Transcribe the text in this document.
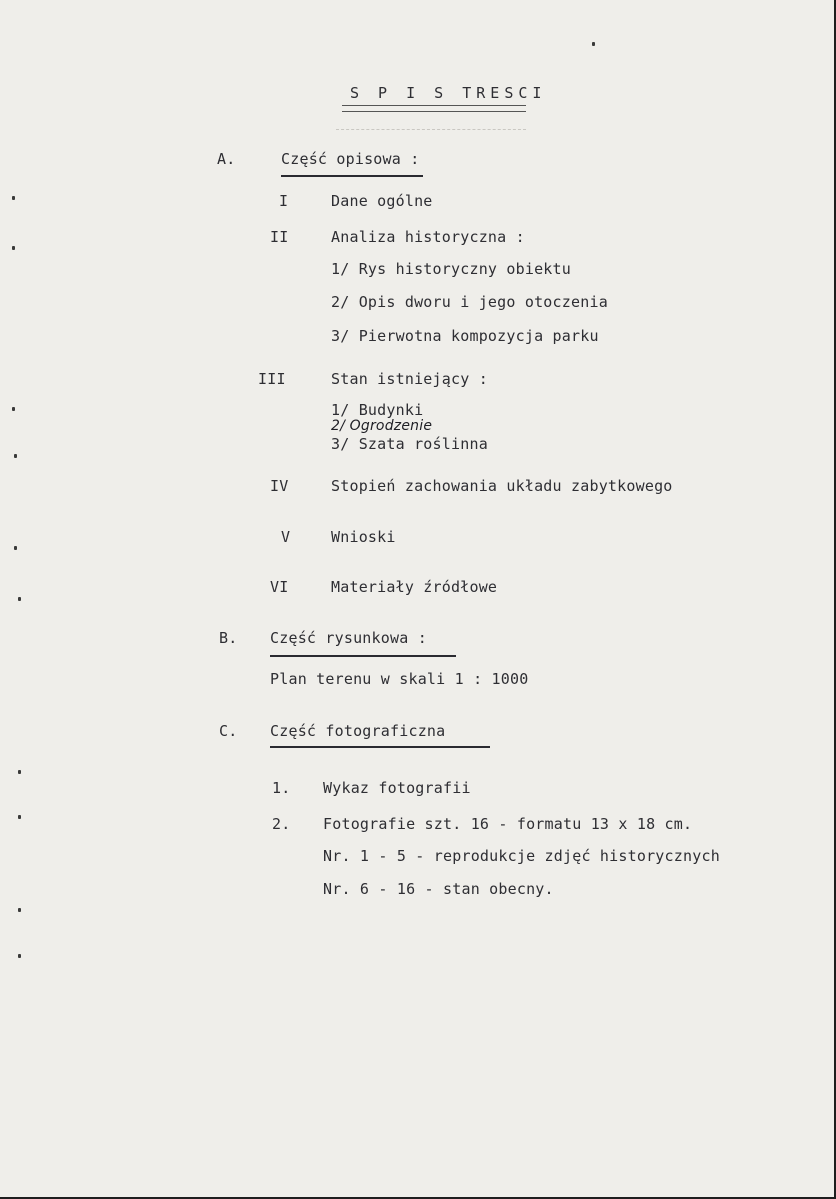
S P I S TRESCI
A.	Część opisowa :
I	Dane ogólne
II	Analiza historyczna :
1/ Rys historyczny obiektu
2/ Opis dworu i jego otoczenia
3/ Pierwotna kompozycja parku
III	Stan istniejący :
1/ Budynki
2/ Ogrodzenie
3/ Szata roślinna
IV	Stopień zachowania układu zabytkowego
V	Wnioski
VI	Materiały źródłowe
B. Część rysunkowa :
Plan terenu w skali 1 : 1000
C. Część fotograficzna
1. Wykaz fotografii
2. Fotografie szt. 16 - formatu 13 x 18 cm.
Nr. 1 - 5 - reprodukcje zdjęć historycznych
Nr. 6 - 16 - stan obecny.
